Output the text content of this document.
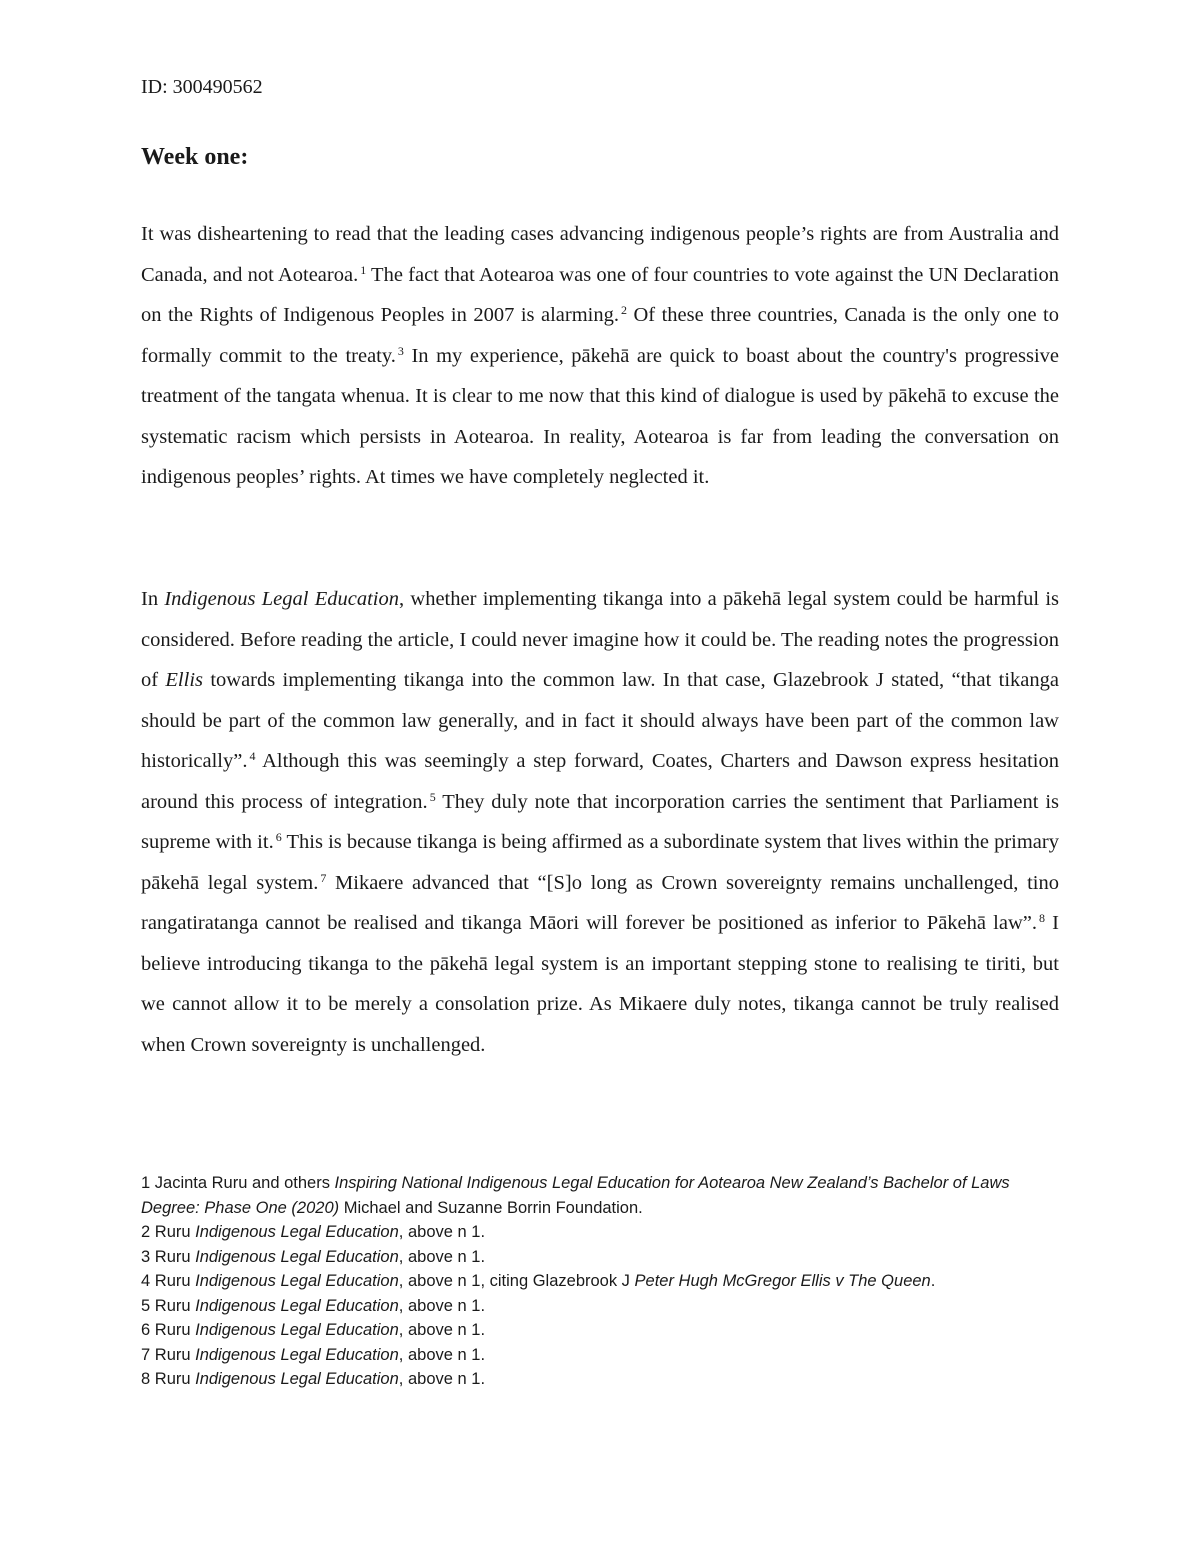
ID: 300490562

Week one:

It was disheartening to read that the leading cases advancing indigenous people’s rights are from Australia and Canada, and not Aotearoa. $^1$ The fact that Aotearoa was one of four countries to vote against the UN Declaration on the Rights of Indigenous Peoples in 2007 is alarming. $^2$ Of these three countries, Canada is the only one to formally commit to the treaty. $^3$ In my experience, pākehā are quick to boast about the country's progressive treatment of the tangata whenua. It is clear to me now that this kind of dialogue is used by pākehā to excuse the systematic racism which persists in Aotearoa. In reality, Aotearoa is far from leading the conversation on indigenous peoples’ rights. At times we have completely neglected it.

In Indigenous Legal Education, whether implementing tikanga into a pākehā legal system could be harmful is considered. Before reading the article, I could never imagine how it could be. The reading notes the progression of Ellis towards implementing tikanga into the common law. In that case, Glazebrook J stated, “that tikanga should be part of the common law generally, and in fact it should always have been part of the common law historically”. $^4$ Although this was seemingly a step forward, Coates, Charters and Dawson express hesitation around this process of integration. $^5$ They duly note that incorporation carries the sentiment that Parliament is supreme with it. $^6$ This is because tikanga is being affirmed as a subordinate system that lives within the primary pākehā legal system. $^7$ Mikaere advanced that “[S]o long as Crown sovereignty remains unchallenged, tino rangatiratanga cannot be realised and tikanga Māori will forever be positioned as inferior to Pākehā law”. $^8$ I believe introducing tikanga to the pākehā legal system is an important stepping stone to realising te tiriti, but we cannot allow it to be merely a consolation prize. As Mikaere duly notes, tikanga cannot be truly realised when Crown sovereignty is unchallenged.

1 Jacinta Ruru and others Inspiring National Indigenous Legal Education for Aotearoa New Zealand’s Bachelor of Laws Degree: Phase One (2020) Michael and Suzanne Borrin Foundation.

2 Ruru Indigenous Legal Education, above n 1.

3 Ruru Indigenous Legal Education, above n 1.

4 Ruru Indigenous Legal Education, above n 1, citing Glazebrook J Peter Hugh McGregor Ellis v The Queen.

5 Ruru Indigenous Legal Education, above n 1.

6 Ruru Indigenous Legal Education, above n 1.

7 Ruru Indigenous Legal Education, above n 1.

8 Ruru Indigenous Legal Education, above n 1.
